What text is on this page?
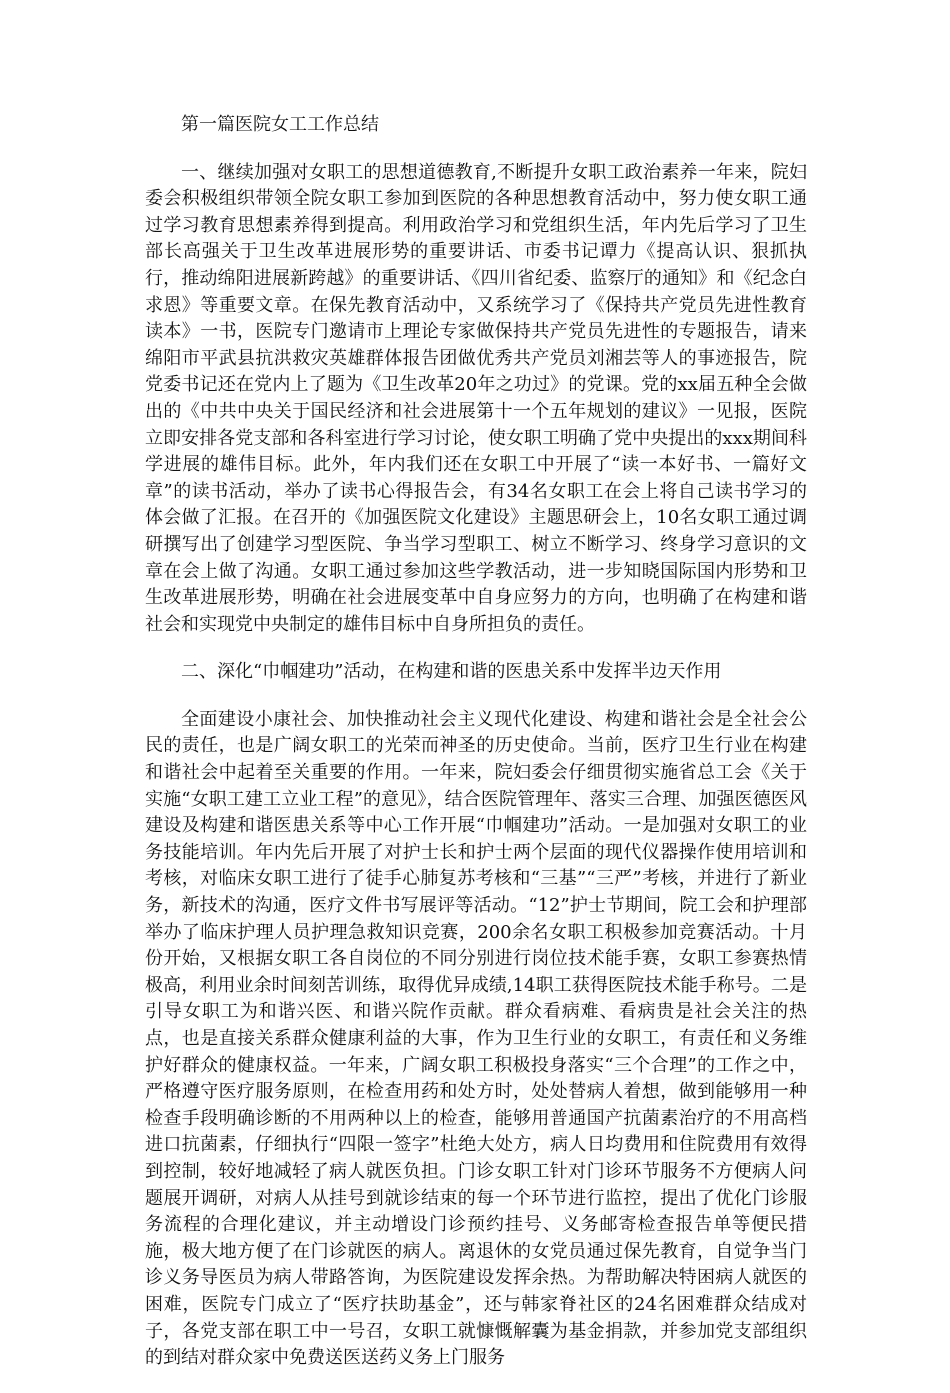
第一篇医院女工工作总结

一、继续加强对女职工的思想道德教育,不断提升女职工政治素养一年来，院妇委会积极组织带领全院女职工参加到医院的各种思想教育活动中，努力使女职工通过学习教育思想素养得到提高。利用政治学习和党组织生活，年内先后学习了卫生部长高强关于卫生改革进展形势的重要讲话、市委书记谭力《提高认识、狠抓执行，推动绵阳进展新跨越》的重要讲话、《四川省纪委、监察厅的通知》和《纪念白求恩》等重要文章。在保先教育活动中，又系统学习了《保持共产党员先进性教育读本》一书，医院专门邀请市上理论专家做保持共产党员先进性的专题报告，请来绵阳市平武县抗洪救灾英雄群体报告团做优秀共产党员刘湘芸等人的事迹报告，院党委书记还在党内上了题为《卫生改革20年之功过》的党课。党的xx届五种全会做出的《中共中央关于国民经济和社会进展第十一个五年规划的建议》一见报，医院立即安排各党支部和各科室进行学习讨论，使女职工明确了党中央提出的xxx期间科学进展的雄伟目标。此外，年内我们还在女职工中开展了“读一本好书、一篇好文章”的读书活动，举办了读书心得报告会，有34名女职工在会上将自己读书学习的体会做了汇报。在召开的《加强医院文化建设》主题思研会上，10名女职工通过调研撰写出了创建学习型医院、争当学习型职工、树立不断学习、终身学习意识的文章在会上做了沟通。女职工通过参加这些学教活动，进一步知晓国际国内形势和卫生改革进展形势，明确在社会进展变革中自身应努力的方向，也明确了在构建和谐社会和实现党中央制定的雄伟目标中自身所担负的责任。

二、深化“巾帼建功”活动，在构建和谐的医患关系中发挥半边天作用

全面建设小康社会、加快推动社会主义现代化建设、构建和谐社会是全社会公民的责任，也是广阔女职工的光荣而神圣的历史使命。当前，医疗卫生行业在构建和谐社会中起着至关重要的作用。一年来，院妇委会仔细贯彻实施省总工会《关于实施“女职工建工立业工程”的意见》，结合医院管理年、落实三合理、加强医德医风建设及构建和谐医患关系等中心工作开展“巾帼建功”活动。一是加强对女职工的业务技能培训。年内先后开展了对护士长和护士两个层面的现代仪器操作使用培训和考核，对临床女职工进行了徒手心肺复苏考核和“三基”“三严”考核，并进行了新业务，新技术的沟通，医疗文件书写展评等活动。“12”护士节期间，院工会和护理部举办了临床护理人员护理急救知识竞赛，200余名女职工积极参加竞赛活动。十月份开始，又根据女职工各自岗位的不同分别进行岗位技术能手赛，女职工参赛热情极高，利用业余时间刻苦训练，取得优异成绩,14职工获得医院技术能手称号。二是引导女职工为和谐兴医、和谐兴院作贡献。群众看病难、看病贵是社会关注的热点，也是直接关系群众健康利益的大事，作为卫生行业的女职工，有责任和义务维护好群众的健康权益。一年来，广阔女职工积极投身落实“三个合理”的工作之中，严格遵守医疗服务原则，在检查用药和处方时，处处替病人着想，做到能够用一种检查手段明确诊断的不用两种以上的检查，能够用普通国产抗菌素治疗的不用高档进口抗菌素，仔细执行“四限一签字”杜绝大处方，病人日均费用和住院费用有效得到控制，较好地减轻了病人就医负担。门诊女职工针对门诊环节服务不方便病人问题展开调研，对病人从挂号到就诊结束的每一个环节进行监控，提出了优化门诊服务流程的合理化建议，并主动增设门诊预约挂号、义务邮寄检查报告单等便民措施，极大地方便了在门诊就医的病人。离退休的女党员通过保先教育，自觉争当门诊义务导医员为病人带路答询，为医院建设发挥余热。为帮助解决特困病人就医的困难，医院专门成立了“医疗扶助基金”，还与韩家脊社区的24名困难群众结成对子，各党支部在职工中一号召，女职工就慷慨解囊为基金捐款，并参加党支部组织的到结对群众家中免费送医送药义务上门服务
